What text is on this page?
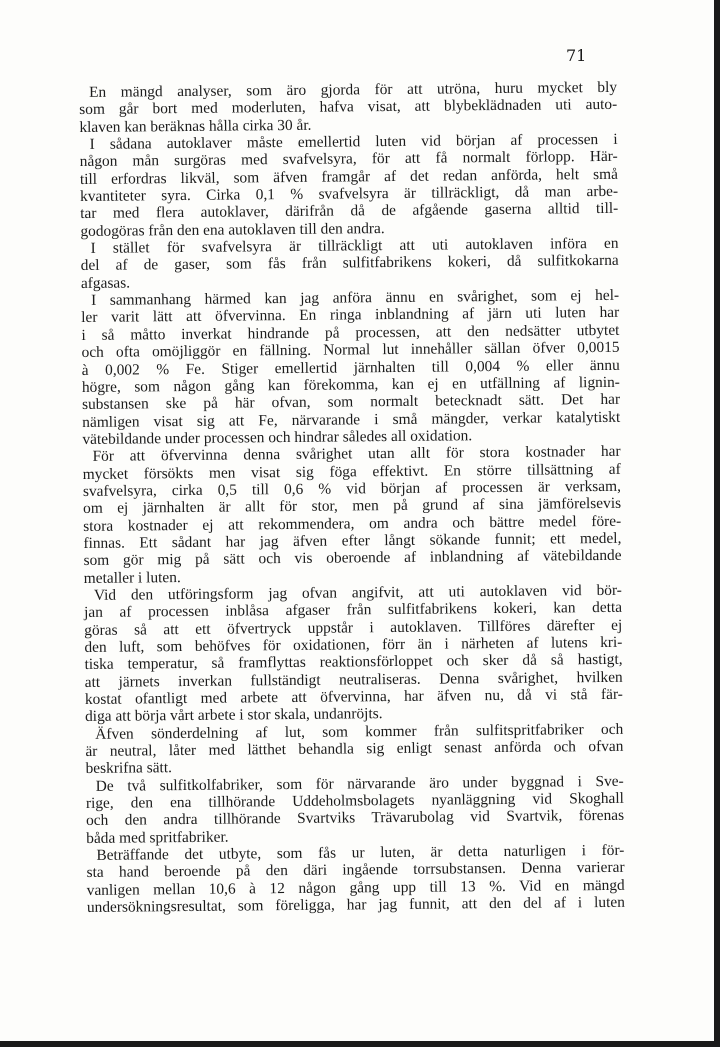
71
En mängd analyser, som äro gjorda för att utröna, huru mycket bly
som går bort med moderluten, hafva visat, att blybeklädnaden uti auto-
klaven kan beräknas hålla cirka 30 år.
I sådana autoklaver måste emellertid luten vid början af processen i
någon mån surgöras med svafvelsyra, för att få normalt förlopp. Här-
till erfordras likväl, som äfven framgår af det redan anförda, helt små
kvantiteter syra. Cirka 0,1 % svafvelsyra är tillräckligt, då man arbe-
tar med flera autoklaver, därifrån då de afgående gaserna alltid till-
godogöras från den ena autoklaven till den andra.
I stället för svafvelsyra är tillräckligt att uti autoklaven införa en
del af de gaser, som fås från sulfitfabrikens kokeri, då sulfitkokarna
afgasas.
I sammanhang härmed kan jag anföra ännu en svårighet, som ej hel-
ler varit lätt att öfvervinna. En ringa inblandning af järn uti luten har
i så måtto inverkat hindrande på processen, att den nedsätter utbytet
och ofta omöjliggör en fällning. Normal lut innehåller sällan öfver 0,0015
à 0,002 % Fe. Stiger emellertid järnhalten till 0,004 % eller ännu
högre, som någon gång kan förekomma, kan ej en utfällning af lignin-
substansen ske på här ofvan, som normalt betecknadt sätt. Det har
nämligen visat sig att Fe, närvarande i små mängder, verkar katalytiskt
vätebildande under processen och hindrar således all oxidation.
För att öfvervinna denna svårighet utan allt för stora kostnader har
mycket försökts men visat sig föga effektivt. En större tillsättning af
svafvelsyra, cirka 0,5 till 0,6 % vid början af processen är verksam,
om ej järnhalten är allt för stor, men på grund af sina jämförelsevis
stora kostnader ej att rekommendera, om andra och bättre medel före-
finnas. Ett sådant har jag äfven efter långt sökande funnit; ett medel,
som gör mig på sätt och vis oberoende af inblandning af vätebildande
metaller i luten.
Vid den utföringsform jag ofvan angifvit, att uti autoklaven vid bör-
jan af processen inblåsa afgaser från sulfitfabrikens kokeri, kan detta
göras så att ett öfvertryck uppstår i autoklaven. Tillföres därefter ej
den luft, som behöfves för oxidationen, förr än i närheten af lutens kri-
tiska temperatur, så framflyttas reaktionsförloppet och sker då så hastigt,
att järnets inverkan fullständigt neutraliseras. Denna svårighet, hvilken
kostat ofantligt med arbete att öfvervinna, har äfven nu, då vi stå fär-
diga att börja vårt arbete i stor skala, undanröjts.
Äfven sönderdelning af lut, som kommer från sulfitspritfabriker och
är neutral, låter med lätthet behandla sig enligt senast anförda och ofvan
beskrifna sätt.
De två sulfitkolfabriker, som för närvarande äro under byggnad i Sve-
rige, den ena tillhörande Uddeholmsbolagets nyanläggning vid Skoghall
och den andra tillhörande Svartviks Trävarubolag vid Svartvik, förenas
båda med spritfabriker.
Beträffande det utbyte, som fås ur luten, är detta naturligen i för-
sta hand beroende på den däri ingående torrsubstansen. Denna varierar
vanligen mellan 10,6 à 12 någon gång upp till 13 %. Vid en mängd
undersökningsresultat, som föreligga, har jag funnit, att den del af i luten
